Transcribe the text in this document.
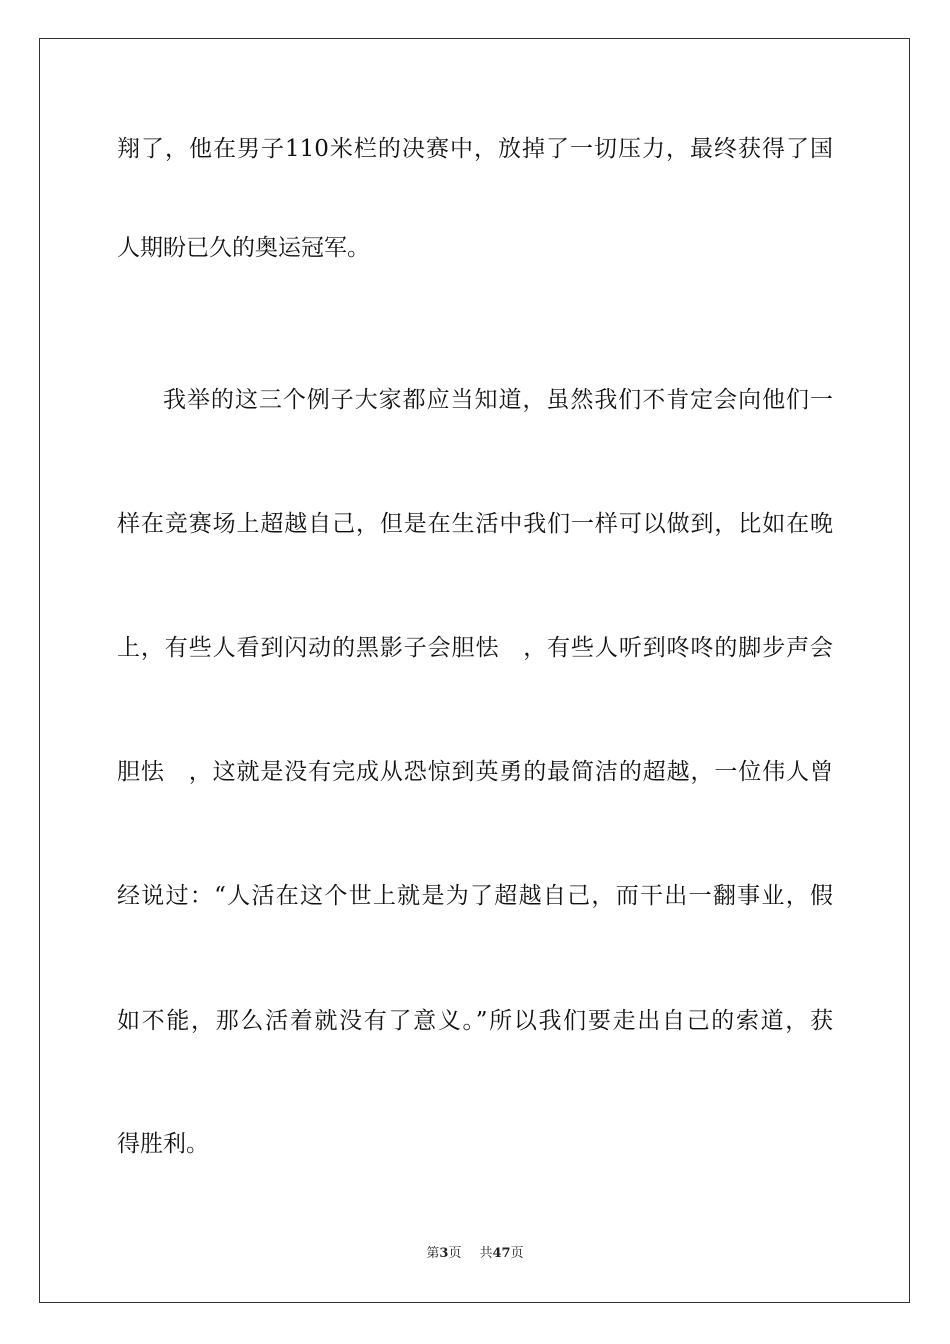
翔了，他在男子110米栏的决赛中，放掉了一切压力，最终获得了国
人期盼已久的奥运冠军。
我举的这三个例子大家都应当知道，虽然我们不肯定会向他们一
样在竞赛场上超越自己，但是在生活中我们一样可以做到，比如在晚
上，有些人看到闪动的黑影子会胆怯　，有些人听到咚咚的脚步声会
胆怯　，这就是没有完成从恐惊到英勇的最简洁的超越，一位伟人曾
经说过：“人活在这个世上就是为了超越自己，而干出一翻事业，假
如不能，那么活着就没有了意义。”所以我们要走出自己的索道，获
得胜利。
第3页 共47页
